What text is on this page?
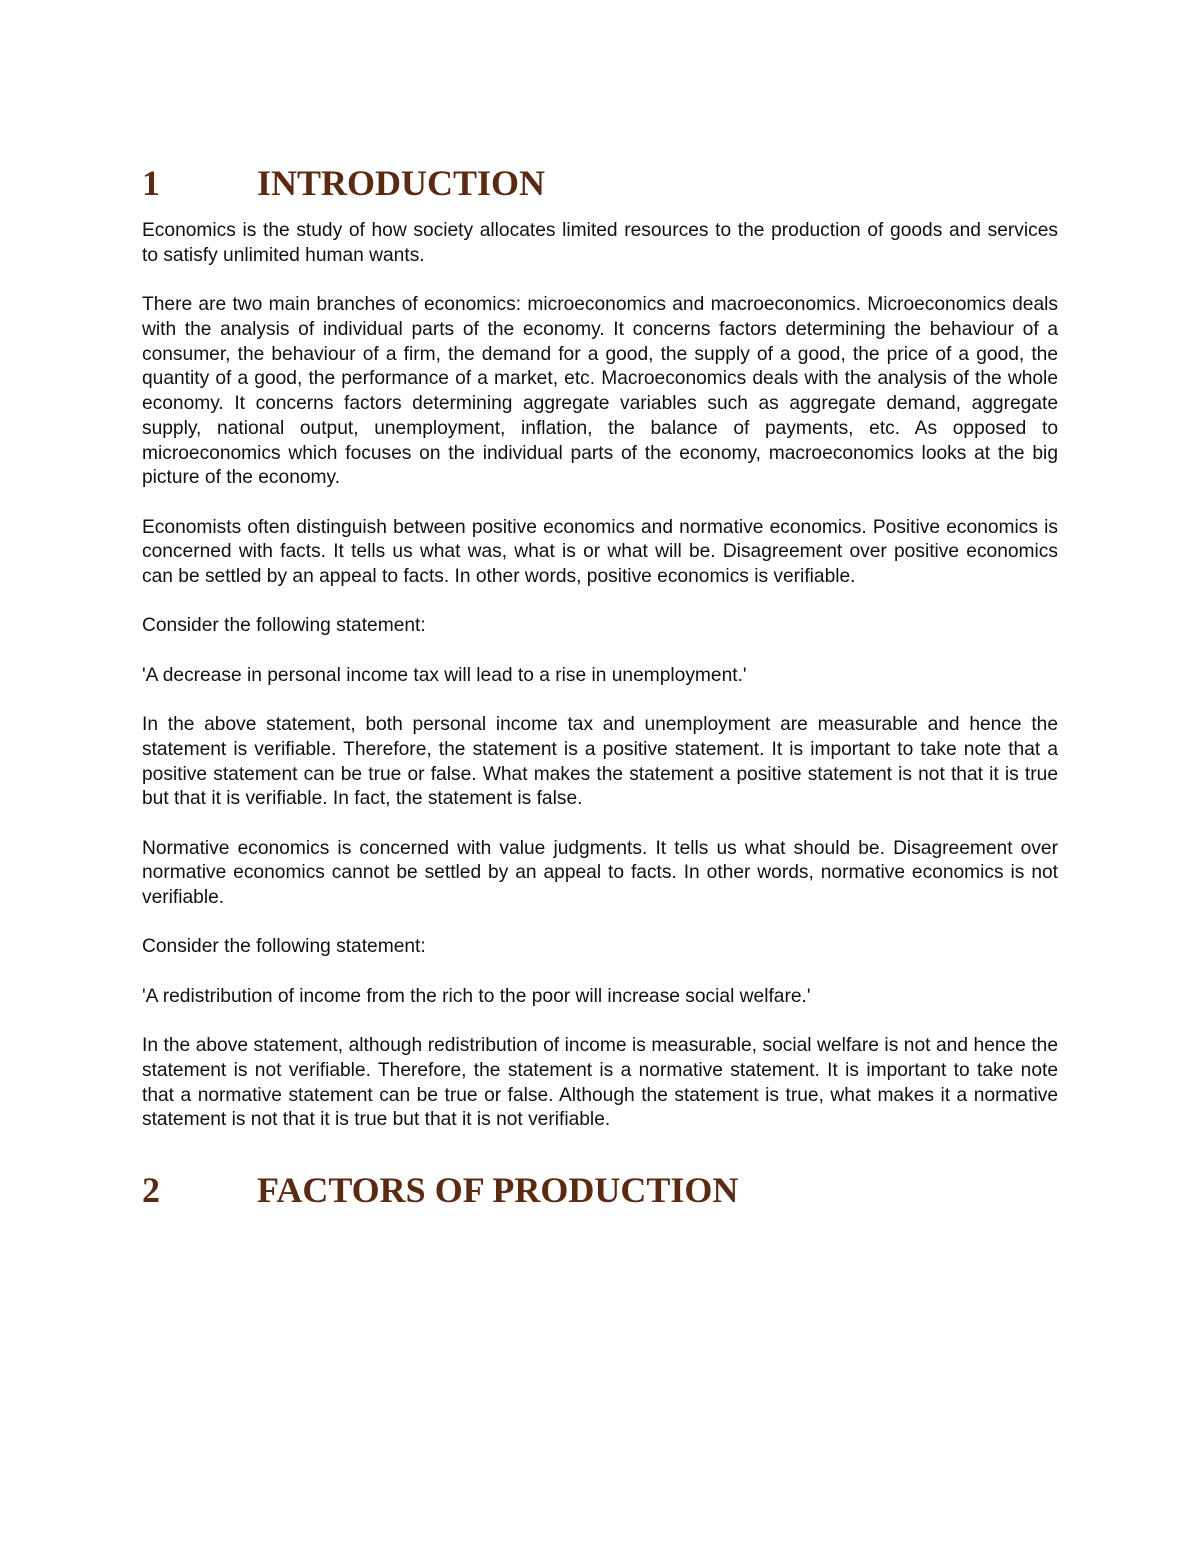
1	INTRODUCTION

Economics is the study of how society allocates limited resources to the production of goods and services to satisfy unlimited human wants.

There are two main branches of economics: microeconomics and macroeconomics. Microeconomics deals with the analysis of individual parts of the economy. It concerns factors determining the behaviour of a consumer, the behaviour of a firm, the demand for a good, the supply of a good, the price of a good, the quantity of a good, the performance of a market, etc. Macroeconomics deals with the analysis of the whole economy. It concerns factors determining aggregate variables such as aggregate demand, aggregate supply, national output, unemployment, inflation, the balance of payments, etc. As opposed to microeconomics which focuses on the individual parts of the economy, macroeconomics looks at the big picture of the economy.

Economists often distinguish between positive economics and normative economics. Positive economics is concerned with facts. It tells us what was, what is or what will be. Disagreement over positive economics can be settled by an appeal to facts. In other words, positive economics is verifiable.

Consider the following statement:

'A decrease in personal income tax will lead to a rise in unemployment.'

In the above statement, both personal income tax and unemployment are measurable and hence the statement is verifiable. Therefore, the statement is a positive statement. It is important to take note that a positive statement can be true or false. What makes the statement a positive statement is not that it is true but that it is verifiable. In fact, the statement is false.

Normative economics is concerned with value judgments. It tells us what should be. Disagreement over normative economics cannot be settled by an appeal to facts. In other words, normative economics is not verifiable.

Consider the following statement:

'A redistribution of income from the rich to the poor will increase social welfare.'

In the above statement, although redistribution of income is measurable, social welfare is not and hence the statement is not verifiable. Therefore, the statement is a normative statement. It is important to take note that a normative statement can be true or false. Although the statement is true, what makes it a normative statement is not that it is true but that it is not verifiable.

2	FACTORS OF PRODUCTION
